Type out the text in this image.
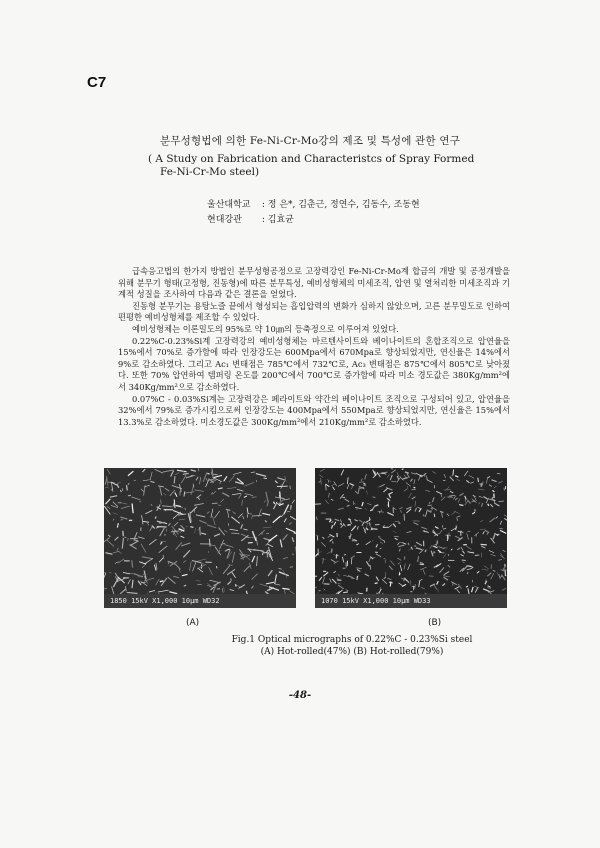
C7
분무성형법에 의한 Fe-Ni-Cr-Mo강의 제조 및 특성에 관한 연구
( A Study on Fabrication and Characteristcs of Spray Formed
Fe-Ni-Cr-Mo steel)
울산대학교 : 정 은*, 김춘근, 정연수, 김동수, 조동현
현대강관 : 김효균

급속응고법의 한가지 방법인 분무성형공정으로 고장력강인 Fe-Ni-Cr-Mo계 합금의 개발 및 공정개발을 위해 분무기 형태(고정형, 진동형)에 따른 분무특성, 예비성형체의 미세조직, 압연 및 열처리한 미세조직과 기계적 성질을 조사하여 다음과 같은 결론을 얻었다.

진동형 분무기는 용탕노즐 끝에서 형성되는 흡입압력의 변화가 심하지 않았으며, 고른 분무밀도로 인하여 편평한 예비성형체를 제조할 수 있었다.

예비성형체는 이론밀도의 95%로 약 10㎛의 등축정으로 이루어져 있었다.

0.22%C-0.23%Si계 고장력강의 예비성형체는 마르텐사이트와 베이나이트의 혼합조직으로 압연율을 15%에서 70%로 증가함에 따라 인장강도는 600Mpa에서 670Mpa로 향상되었지만, 연신율은 14%에서 9%로 감소하였다. 그리고 Ac₁ 변태점은 785℃에서 732℃로, Ac₃ 변태점은 875℃에서 805℃로 낮아졌다. 또한 70% 압연하여 템퍼링 온도를 200℃에서 700℃로 증가함에 따라 미소 경도값은 380Kg/mm²에서 340Kg/mm²으로 감소하였다.

0.07%C - 0.03%Si계는 고장력강은 페라이트와 약간의 베이나이트 조직으로 구성되어 있고, 압연율을 32%에서 79%로 증가시킴으로써 인장강도는 400Mpa에서 550Mpa로 향상되었지만, 연신율은 15%에서 13.3%로 감소하였다. 미소경도값은 300Kg/mm²에서 210Kg/mm²로 감소하였다.

1850 15kV X1,000 10μm WD32	1070 15kV X1,000 10μm WD33
(A)	(B)
Fig.1 Optical micrographs of 0.22%C - 0.23%Si steel
(A) Hot-rolled(47%) (B) Hot-rolled(79%)
-48-
